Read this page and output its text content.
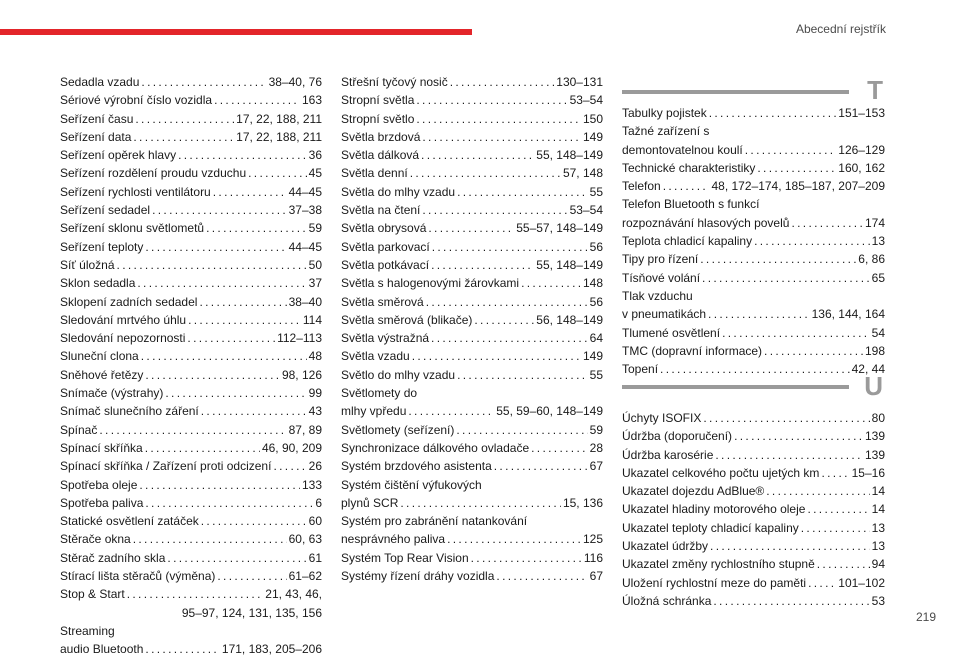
Abecední rejstřík
Sedadla vzadu . . .	38–40, 76
Sériové výrobní číslo vozidla . . .	163
Seřízení času . . .	17, 22, 188, 211
Seřízení data . . .	17, 22, 188, 211
Seřízení opěrek hlavy . . .	36
Seřízení rozdělení proudu vzduchu . . .	45
Seřízení rychlosti ventilátoru . . .	44–45
Seřízení sedadel . . .	37–38
Seřízení sklonu světlometů . . .	59
Seřízení teploty . . .	44–45
Síť úložná . . .	50
Sklon sedadla . . .	37
Sklopení zadních sedadel . . .	38–40
Sledování mrtvého úhlu . . .	114
Sledování nepozornosti . . .	112–113
Sluneční clona . . .	48
Sněhové řetězy . . .	98, 126
Snímače (výstrahy) . . .	99
Snímač slunečního záření . . .	43
Spínač . . .	87, 89
Spínací skříňka . . .	46, 90, 209
Spínací skříňka / Zařízení proti odcizení . . .	26
Spotřeba oleje . . .	133
Spotřeba paliva . . .	6
Statické osvětlení zatáček . . .	60
Stěrače okna . . .	60, 63
Stěrač zadního skla . . .	61
Stírací lišta stěračů (výměna) . . .	61–62
Stop & Start . . .	21, 43, 46,
95–97, 124, 131, 135, 156
Streaming
audio Bluetooth . . .	171, 183, 205–206
Střešní tyčový nosič . . .	130–131
Stropní světla . . .	53–54
Stropní světlo . . .	150
Světla brzdová . . .	149
Světla dálková . . .	55, 148–149
Světla denní . . .	57, 148
Světla do mlhy vzadu . . .	55
Světla na čtení . . .	53–54
Světla obrysová . . .	55–57, 148–149
Světla parkovací . . .	56
Světla potkávací . . .	55, 148–149
Světla s halogenovými žárovkami . . .	148
Světla směrová . . .	56
Světla směrová (blikače) . . .	56, 148–149
Světla výstražná . . .	64
Světla vzadu . . .	149
Světlo do mlhy vzadu . . .	55
Světlomety do
mlhy vpředu . . .	55, 59–60, 148–149
Světlomety (seřízení) . . .	59
Synchronizace dálkového ovladače . . .	28
Systém brzdového asistenta . . .	67
Systém čištění výfukových
plynů SCR . . .	15, 136
Systém pro zabránění natankování
nesprávného paliva . . .	125
Systém Top Rear Vision . . .	116
Systémy řízení dráhy vozidla . . .	67
T
Tabulky pojistek . . .	151–153
Tažné zařízení s
demontovatelnou koulí . . .	126–129
Technické charakteristiky . . .	160, 162
Telefon . . .	48, 172–174, 185–187, 207–209
Telefon Bluetooth s funkcí
rozpoznávání hlasových povelů . . .	174
Teplota chladicí kapaliny . . .	13
Tipy pro řízení . . .	6, 86
Tísňové volání . . .	65
Tlak vzduchu
v pneumatikách . . .	136, 144, 164
Tlumené osvětlení . . .	54
TMC (dopravní informace) . . .	198
Topení . . .	42, 44
U
Úchyty ISOFIX . . .	80
Údržba (doporučení) . . .	139
Údržba karosérie . . .	139
Ukazatel celkového počtu ujetých km . . .	15–16
Ukazatel dojezdu AdBlue® . . .	14
Ukazatel hladiny motorového oleje . . .	14
Ukazatel teploty chladicí kapaliny . . .	13
Ukazatel údržby . . .	13
Ukazatel změny rychlostního stupně . . .	94
Uložení rychlostní meze do paměti . . .	101–102
Úložná schránka . . .	53
219
